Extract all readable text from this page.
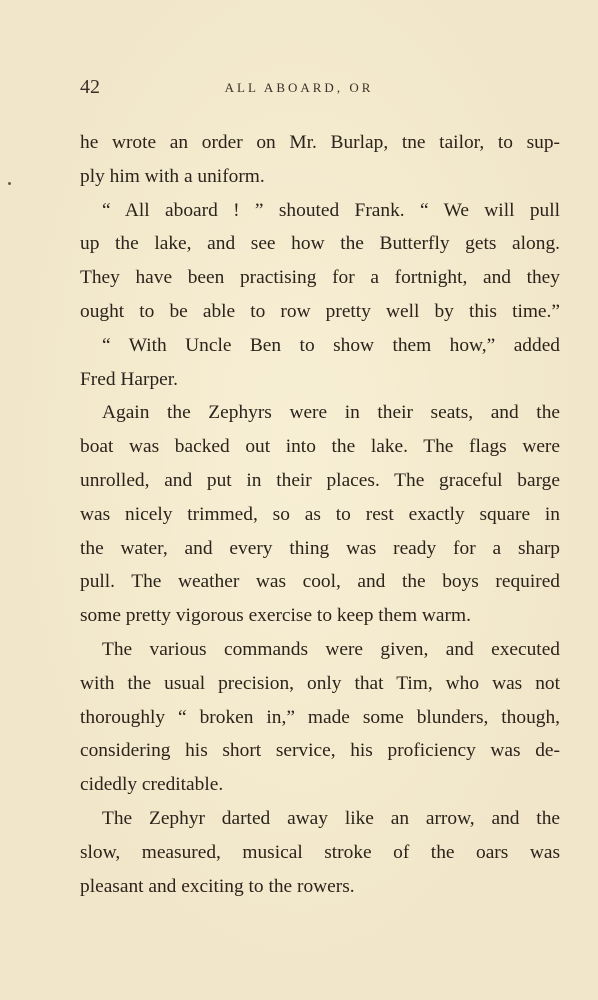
42	ALL ABOARD, OR
he wrote an order on Mr. Burlap, tne tailor, to sup-
ply him with a uniform.
“ All aboard ! ” shouted Frank. “ We will pull
up the lake, and see how the Butterfly gets along.
They have been practising for a fortnight, and they
ought to be able to row pretty well by this time.”
“ With Uncle Ben to show them how,” added
Fred Harper.
Again the Zephyrs were in their seats, and the
boat was backed out into the lake. The flags were
unrolled, and put in their places. The graceful barge
was nicely trimmed, so as to rest exactly square in
the water, and every thing was ready for a sharp
pull. The weather was cool, and the boys required
some pretty vigorous exercise to keep them warm.
The various commands were given, and executed
with the usual precision, only that Tim, who was not
thoroughly “ broken in,” made some blunders, though,
considering his short service, his proficiency was de-
cidedly creditable.
The Zephyr darted away like an arrow, and the
slow, measured, musical stroke of the oars was
pleasant and exciting to the rowers.
